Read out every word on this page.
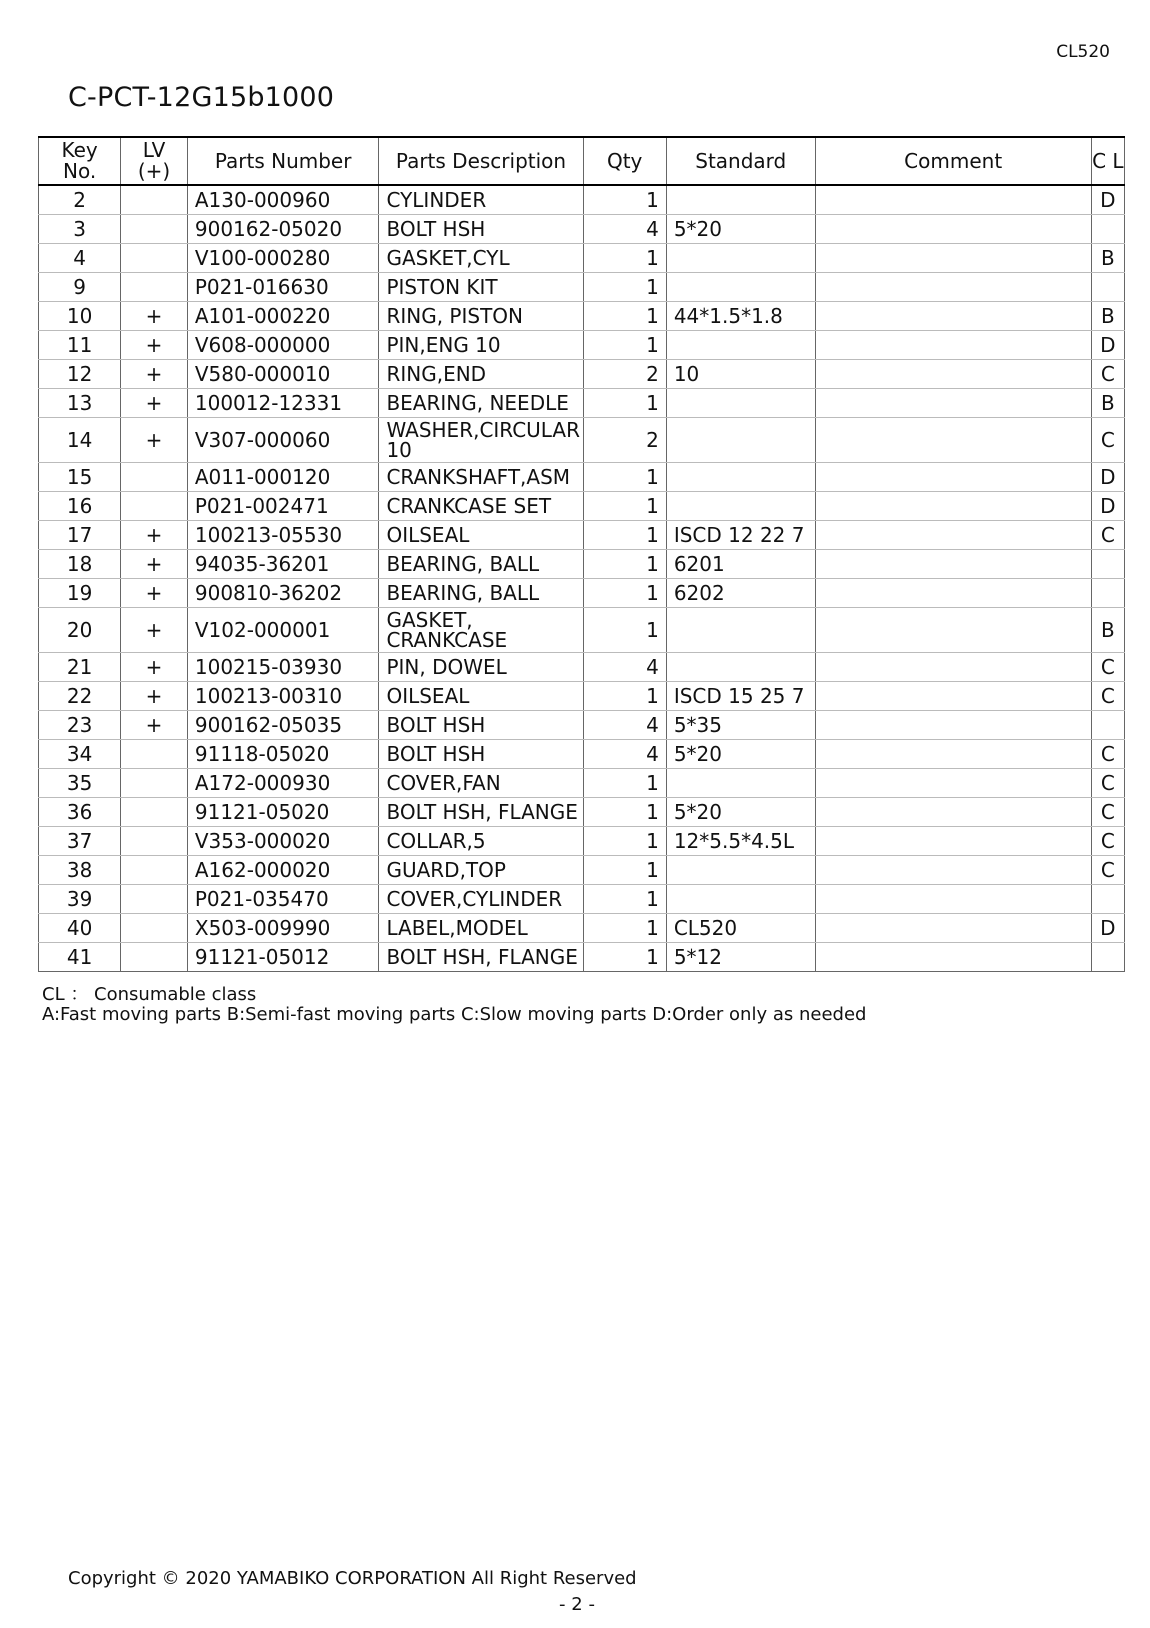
CL520
C-PCT-12G15b1000
Key No.	LV (+)	Parts Number	Parts Description	Qty	Standard	Comment	C L
2		A130-000960	CYLINDER	1			D
3		900162-05020	BOLT HSH	4	5*20		
4		V100-000280	GASKET,CYL	1			B
9		P021-016630	PISTON KIT	1			
10	+	A101-000220	RING, PISTON	1	44*1.5*1.8		B
11	+	V608-000000	PIN,ENG 10	1			D
12	+	V580-000010	RING,END	2	10		C
13	+	100012-12331	BEARING, NEEDLE	1			B
14	+	V307-000060	WASHER,CIRCULAR 10	2			C
15		A011-000120	CRANKSHAFT,ASM	1			D
16		P021-002471	CRANKCASE SET	1			D
17	+	100213-05530	OILSEAL	1	ISCD 12 22 7		C
18	+	94035-36201	BEARING, BALL	1	6201		
19	+	900810-36202	BEARING, BALL	1	6202		
20	+	V102-000001	GASKET, CRANKCASE	1			B
21	+	100215-03930	PIN, DOWEL	4			C
22	+	100213-00310	OILSEAL	1	ISCD 15 25 7		C
23	+	900162-05035	BOLT HSH	4	5*35		
34		91118-05020	BOLT HSH	4	5*20		C
35		A172-000930	COVER,FAN	1			C
36		91121-05020	BOLT HSH, FLANGE	1	5*20		C
37		V353-000020	COLLAR,5	1	12*5.5*4.5L		C
38		A162-000020	GUARD,TOP	1			C
39		P021-035470	COVER,CYLINDER	1			
40		X503-009990	LABEL,MODEL	1	CL520		D
41		91121-05012	BOLT HSH, FLANGE	1	5*12		
CL ： Consumable class
A:Fast moving parts B:Semi-fast moving parts C:Slow moving parts D:Order only as needed
Copyright © 2020 YAMABIKO CORPORATION All Right Reserved
- 2 -
